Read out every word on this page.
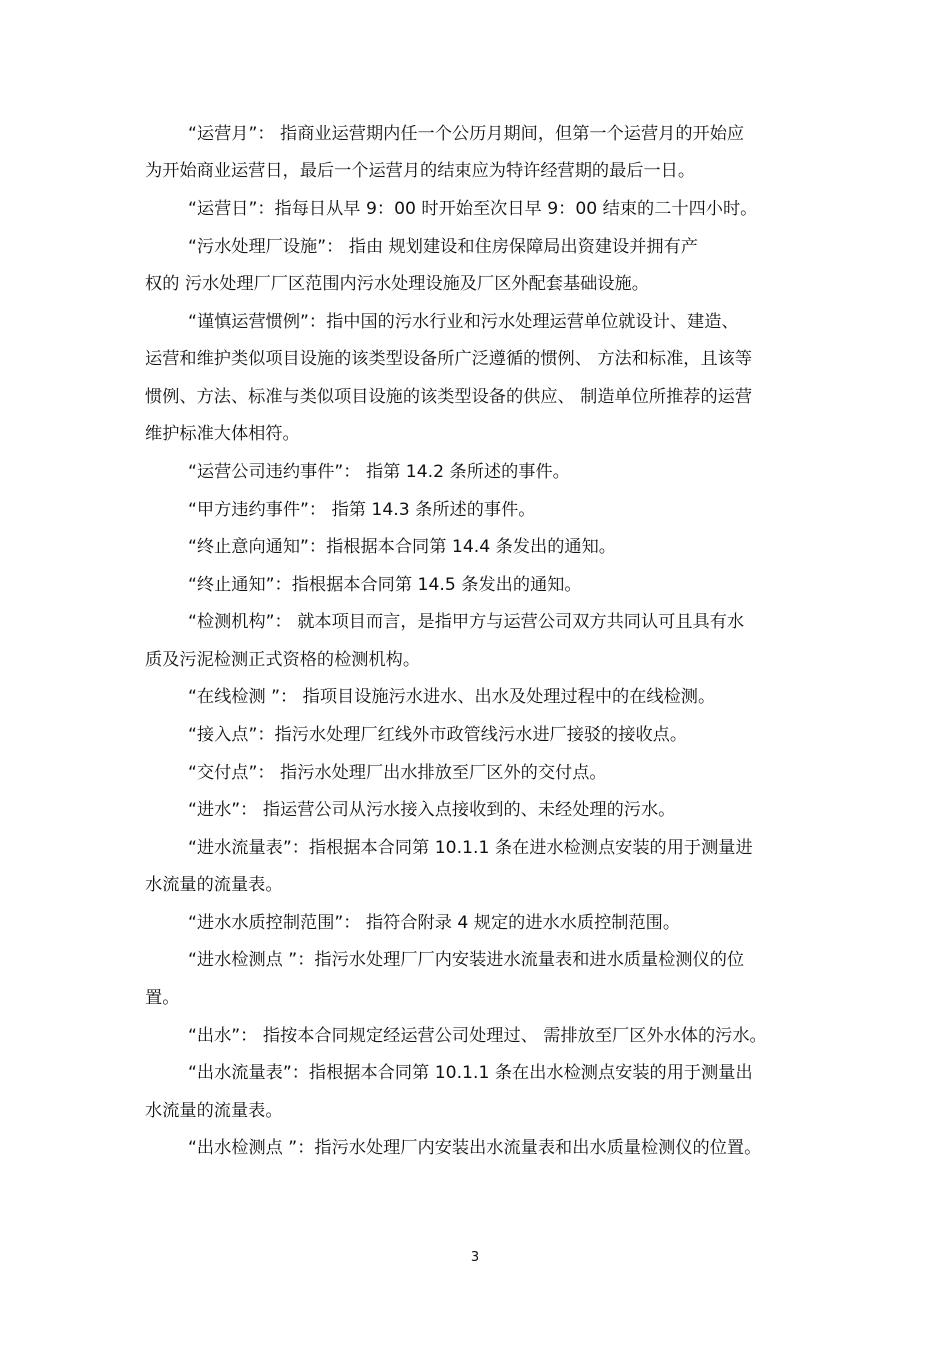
“运营月”： 指商业运营期内任一个公历月期间，但第一个运营月的开始应
为开始商业运营日，最后一个运营月的结束应为特许经营期的最后一日。
“运营日”：指每日从早 9：00 时开始至次日早 9：00 结束的二十四小时。
“污水处理厂设施”： 指由 规划建设和住房保障局出资建设并拥有产
权的 污水处理厂厂区范围内污水处理设施及厂区外配套基础设施。
“谨慎运营惯例”：指中国的污水行业和污水处理运营单位就设计、建造、
运营和维护类似项目设施的该类型设备所广泛遵循的惯例、 方法和标准，且该等
惯例、方法、标准与类似项目设施的该类型设备的供应、 制造单位所推荐的运营
维护标准大体相符。
“运营公司违约事件”： 指第 14.2 条所述的事件。
“甲方违约事件”： 指第 14.3 条所述的事件。
“终止意向通知”：指根据本合同第 14.4 条发出的通知。
“终止通知”：指根据本合同第 14.5 条发出的通知。
“检测机构”： 就本项目而言，是指甲方与运营公司双方共同认可且具有水
质及污泥检测正式资格的检测机构。
“在线检测 ”： 指项目设施污水进水、出水及处理过程中的在线检测。
“接入点”：指污水处理厂红线外市政管线污水进厂接驳的接收点。
“交付点”： 指污水处理厂出水排放至厂区外的交付点。
“进水”： 指运营公司从污水接入点接收到的、未经处理的污水。
“进水流量表”：指根据本合同第 10.1.1 条在进水检测点安装的用于测量进
水流量的流量表。
“进水水质控制范围”： 指符合附录 4 规定的进水水质控制范围。
“进水检测点 ”：指污水处理厂厂内安装进水流量表和进水质量检测仪的位
置。
“出水”： 指按本合同规定经运营公司处理过、 需排放至厂区外水体的污水。
“出水流量表”：指根据本合同第 10.1.1 条在出水检测点安装的用于测量出
水流量的流量表。
“出水检测点 ”：指污水处理厂内安装出水流量表和出水质量检测仪的位置。
3
